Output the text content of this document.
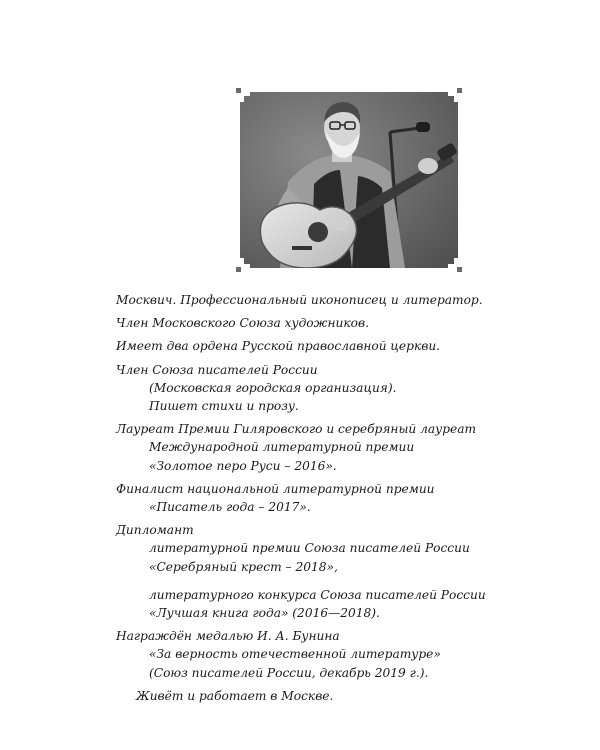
Москвич. Профессиональный иконописец и литератор.
Член Московского Союза художников.
Имеет два ордена Русской православной церкви.
Член Союза писателей России
(Московская городская организация).
Пишет стихи и прозу.
Лауреат Премии Гиляровского и серебряный лауреат
Международной литературной премии
«Золотое перо Руси – 2016».
Финалист национальной литературной премии
«Писатель года – 2017».
Дипломант
литературной премии Союза писателей России
«Серебряный крест – 2018»,
литературного конкурса Союза писателей России
«Лучшая книга года» (2016—2018).
Награждён медалью И. А. Бунина
«За верность отечественной литературе»
(Союз писателей России, декабрь 2019 г.).
Живёт и работает в Москве.
